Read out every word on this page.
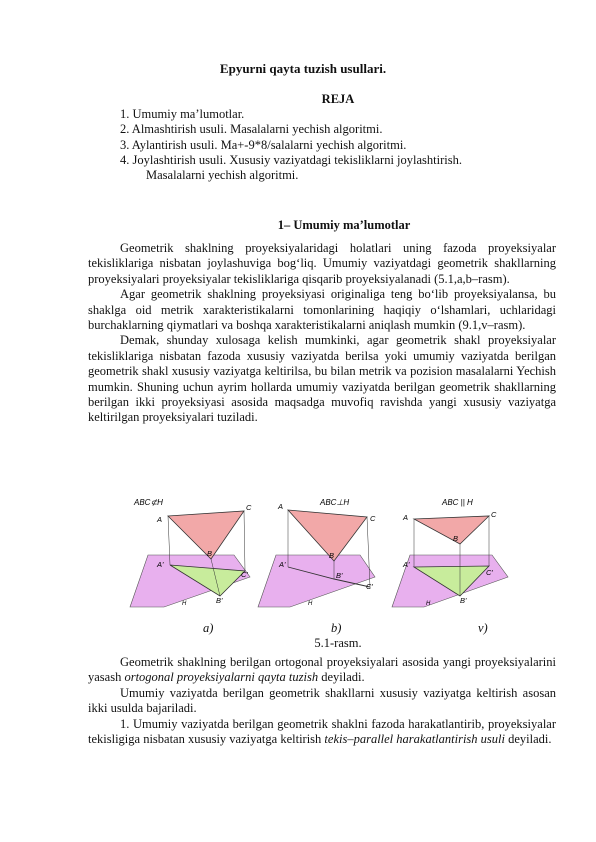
Epyurni qayta tuzish usullari.
REJA
1. Umumiy ma’lumotlar.
2. Almashtirish usuli. Masalalarni yechish algoritmi.
3. Aylantirish usuli. Ma+-9*8/salalarni yechish algoritmi.
4. Joylashtirish usuli. Xususiy vaziyatdagi tekisliklarni joylashtirish.
Masalalarni yechish algoritmi.
1– Umumiy ma’lumotlar

Geometrik shaklning proyeksiyalaridagi holatlari uning fazoda proyeksiyalar tekisliklariga nisbatan joylashuviga bog‘liq. Umumiy vaziyatdagi geometrik shakllarning proyeksiyalari proyeksiyalar tekisliklariga qisqarib proyeksiyalanadi (5.1,a,b–rasm).

Agar geometrik shaklning proyeksiyasi originaliga teng bo‘lib proyeksiyalansa, bu shaklga oid metrik xarakteristikalarni tomonlarining haqiqiy o‘lshamlari, uchlaridagi burchaklarning qiymatlari va boshqa xarakteristikalarni aniqlash mumkin (9.1,v–rasm).

Demak, shunday xulosaga kelish mumkinki, agar geometrik shakl proyeksiyalar tekisliklariga nisbatan fazoda xususiy vaziyatda berilsa yoki umumiy vaziyatda berilgan geometrik shakl xususiy vaziyatga keltirilsa, bu bilan metrik va pozision masalalarni Yechish mumkin. Shuning uchun ayrim hollarda umumiy vaziyatda berilgan geometrik shakllarning berilgan ikki proyeksiyasi asosida maqsadga muvofiq ravishda yangi xususiy vaziyatga keltirilgan proyeksiyalari tuziladi.

ABC⊄H
A
B
C
A'
B'
C'
H
ABC⊥H
A
B
C
A'
B'
C'
H
ABC || H
A
B
C
A'
B'
C'
H
a)	b)	v)
5.1-rasm.

Geometrik shaklning berilgan ortogonal proyeksiyalari asosida yangi proyeksiyalarini yasash ortogonal proyeksiyalarni qayta tuzish deyiladi.

Umumiy vaziyatda berilgan geometrik shakllarni xususiy vaziyatga keltirish asosan ikki usulda bajariladi.

1. Umumiy vaziyatda berilgan geometrik shaklni fazoda harakatlantirib, proyeksiyalar tekisligiga nisbatan xususiy vaziyatga keltirish tekis–parallel harakatlantirish usuli deyiladi.
